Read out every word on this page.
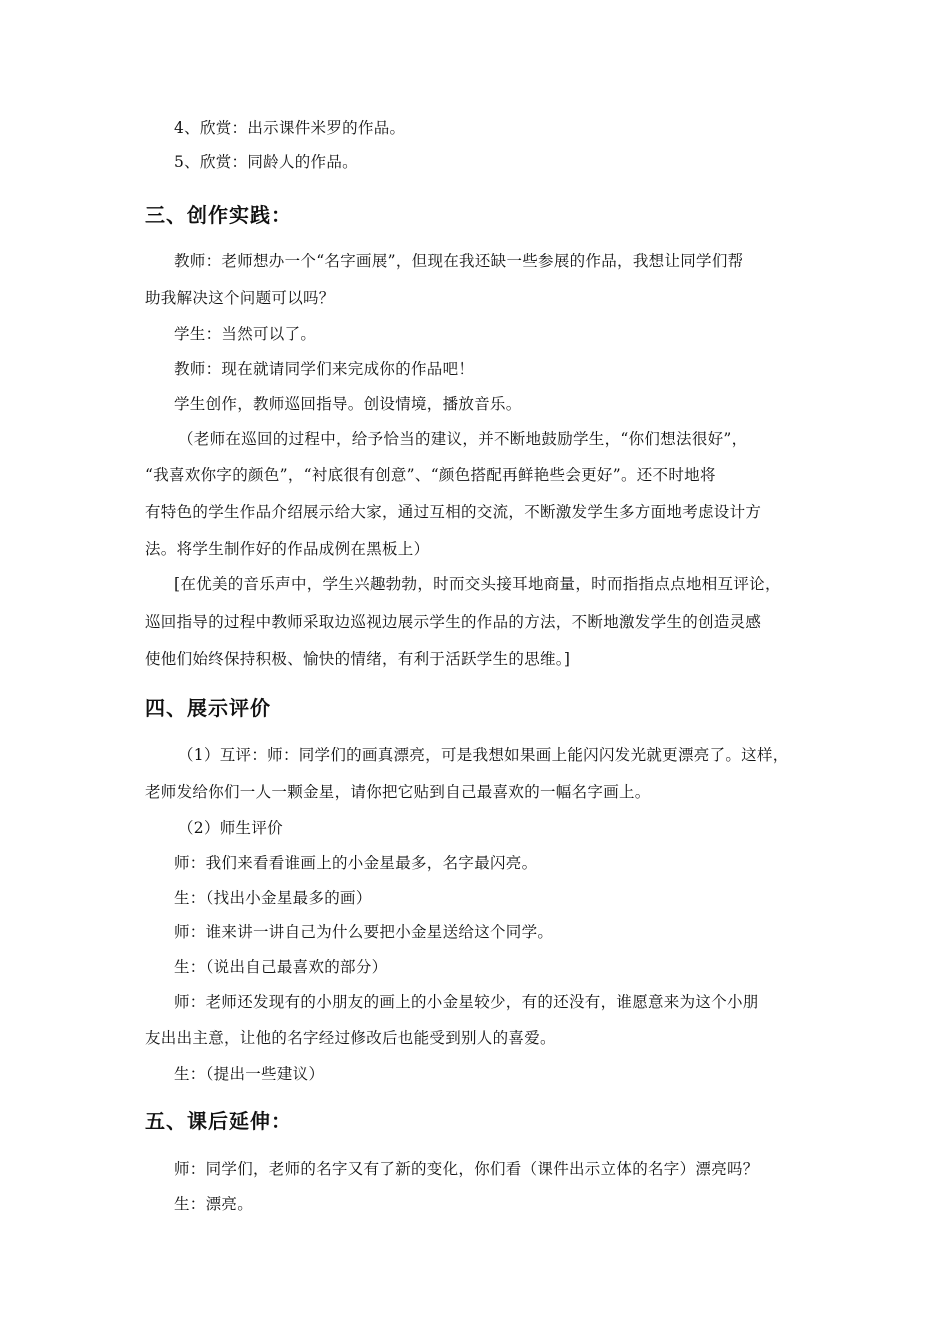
4、欣赏：出示课件米罗的作品。
5、欣赏：同龄人的作品。
三、创作实践：
教师：老师想办一个“名字画展”，但现在我还缺一些参展的作品，我想让同学们帮
助我解决这个问题可以吗？
学生：当然可以了。
教师：现在就请同学们来完成你的作品吧！
学生创作，教师巡回指导。创设情境，播放音乐。
（老师在巡回的过程中，给予恰当的建议，并不断地鼓励学生，“你们想法很好”，
“我喜欢你字的颜色”，“衬底很有创意”、“颜色搭配再鲜艳些会更好”。还不时地将
有特色的学生作品介绍展示给大家，通过互相的交流，不断激发学生多方面地考虑设计方
法。将学生制作好的作品成例在黑板上）
[在优美的音乐声中，学生兴趣勃勃，时而交头接耳地商量，时而指指点点地相互评论，
巡回指导的过程中教师采取边巡视边展示学生的作品的方法，不断地激发学生的创造灵感
使他们始终保持积极、愉快的情绪，有利于活跃学生的思维。]
四、展示评价
（1）互评：师：同学们的画真漂亮，可是我想如果画上能闪闪发光就更漂亮了。这样，
老师发给你们一人一颗金星，请你把它贴到自己最喜欢的一幅名字画上。
（2）师生评价
师：我们来看看谁画上的小金星最多，名字最闪亮。
生：（找出小金星最多的画）
师：谁来讲一讲自己为什么要把小金星送给这个同学。
生：（说出自己最喜欢的部分）
师：老师还发现有的小朋友的画上的小金星较少，有的还没有，谁愿意来为这个小朋
友出出主意，让他的名字经过修改后也能受到别人的喜爱。
生：（提出一些建议）
五、课后延伸：
师：同学们，老师的名字又有了新的变化，你们看（课件出示立体的名字）漂亮吗？
生：漂亮。
